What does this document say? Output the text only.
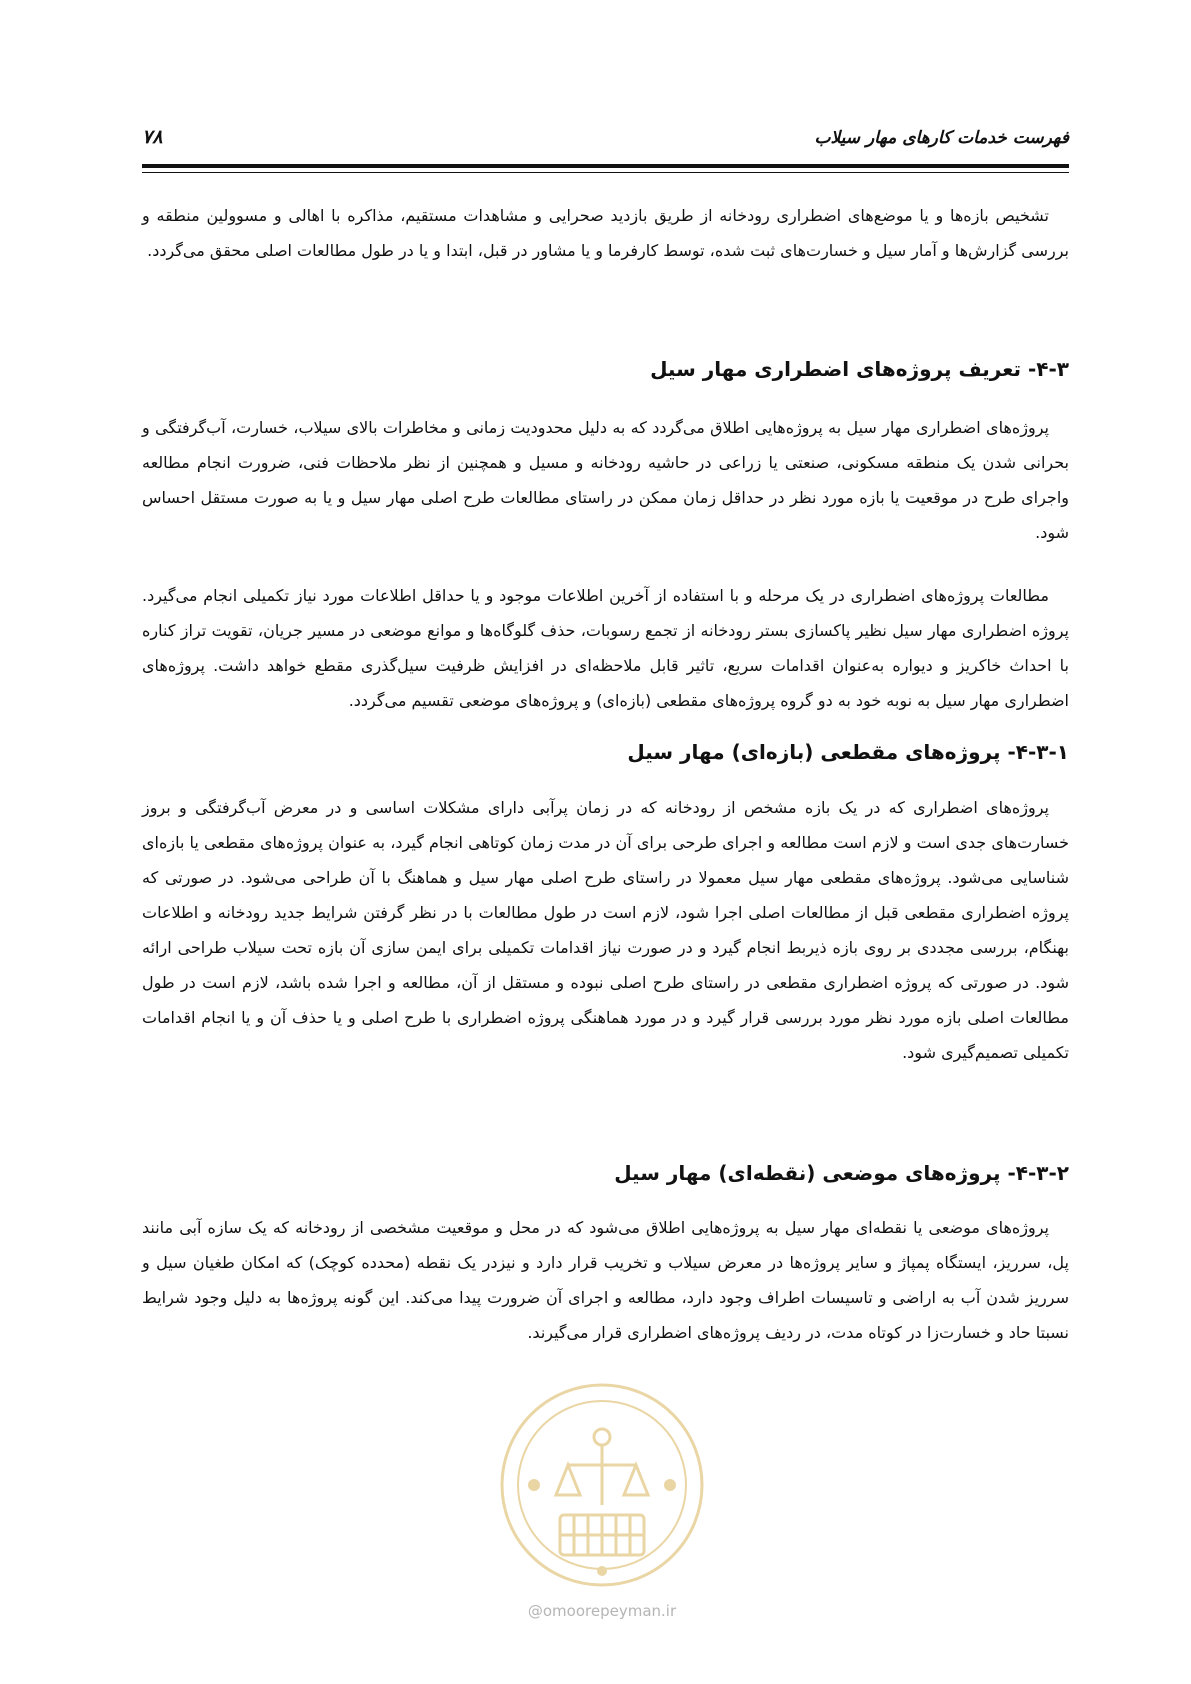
فهرست خدمات کارهای مهار سیلاب
۷۸

تشخیص بازه‌ها و یا موضع‌های اضطراری رودخانه از طریق بازدید صحرایی و مشاهدات مستقیم، مذاکره با اهالی و مسوولین منطقه و بررسی گزارش‌ها و آمار سیل و خسارت‌های ثبت شده، توسط کارفرما و یا مشاور در قبل، ابتدا و یا در طول مطالعات اصلی محقق می‌گردد.

۴-۳- تعریف پروژه‌های اضطراری مهار سیل

پروژه‌های اضطراری مهار سیل به پروژه‌هایی اطلاق می‌گردد که به دلیل محدودیت زمانی و مخاطرات بالای سیلاب، خسارت، آب‌گرفتگی و بحرانی شدن یک منطقه مسکونی، صنعتی یا زراعی در حاشیه رودخانه و مسیل و همچنین از نظر ملاحظات فنی، ضرورت انجام مطالعه واجرای طرح در موقعیت یا بازه مورد نظر در حداقل زمان ممکن در راستای مطالعات طرح اصلی مهار سیل و یا به صورت مستقل احساس شود.

مطالعات پروژه‌های اضطراری در یک مرحله و با استفاده از آخرین اطلاعات موجود و یا حداقل اطلاعات مورد نیاز تکمیلی انجام می‌گیرد. پروژه اضطراری مهار سیل نظیر پاکسازی بستر رودخانه از تجمع رسوبات، حذف گلوگاه‌ها و موانع موضعی در مسیر جریان، تقویت تراز کناره با احداث خاکریز و دیواره به‌عنوان اقدامات سریع، تاثیر قابل ملاحظه‌ای در افزایش ظرفیت سیل‌گذری مقطع خواهد داشت. پروژه‌های اضطراری مهار سیل به نوبه خود به دو گروه پروژه‌های مقطعی (بازه‌ای) و پروژه‌های موضعی تقسیم می‌گردد.

۴-۳-۱- پروژه‌های مقطعی (بازه‌ای) مهار سیل

پروژه‌های اضطراری که در یک بازه مشخص از رودخانه که در زمان پرآبی دارای مشکلات اساسی و در معرض آب‌گرفتگی و بروز خسارت‌های جدی است و لازم است مطالعه و اجرای طرحی برای آن در مدت زمان کوتاهی انجام گیرد، به عنوان پروژه‌های مقطعی یا بازه‌ای شناسایی می‌شود. پروژه‌های مقطعی مهار سیل معمولا در راستای طرح اصلی مهار سیل و هماهنگ با آن طراحی می‌شود. در صورتی که پروژه اضطراری مقطعی قبل از مطالعات اصلی اجرا شود، لازم است در طول مطالعات با در نظر گرفتن شرایط جدید رودخانه و اطلاعات بهنگام، بررسی مجددی بر روی بازه ذیربط انجام گیرد و در صورت نیاز اقدامات تکمیلی برای ایمن سازی آن بازه تحت سیلاب طراحی ارائه شود. در صورتی که پروژه اضطراری مقطعی در راستای طرح اصلی نبوده و مستقل از آن، مطالعه و اجرا شده باشد، لازم است در طول مطالعات اصلی بازه مورد نظر مورد بررسی قرار گیرد و در مورد هماهنگی پروژه اضطراری با طرح اصلی و یا حذف آن و یا انجام اقدامات تکمیلی تصمیم‌گیری شود.

۴-۳-۲- پروژه‌های موضعی (نقطه‌ای) مهار سیل

پروژه‌های موضعی یا نقطه‌ای مهار سیل به پروژه‌هایی اطلاق می‌شود که در محل و موقعیت مشخصی از رودخانه که یک سازه آبی مانند پل، سرریز، ایستگاه پمپاژ و سایر پروژه‌ها در معرض سیلاب و تخریب قرار دارد و نیزدر یک نقطه (محدده کوچک) که امکان طغیان سیل و سرریز شدن آب به اراضی و تاسیسات اطراف وجود دارد، مطالعه و اجرای آن ضرورت پیدا می‌کند. این گونه پروژه‌ها به دلیل وجود شرایط نسبتا حاد و خسارت‌زا در کوتاه مدت، در ردیف پروژه‌های اضطراری قرار می‌گیرند.

@omoorepeyman.ir
